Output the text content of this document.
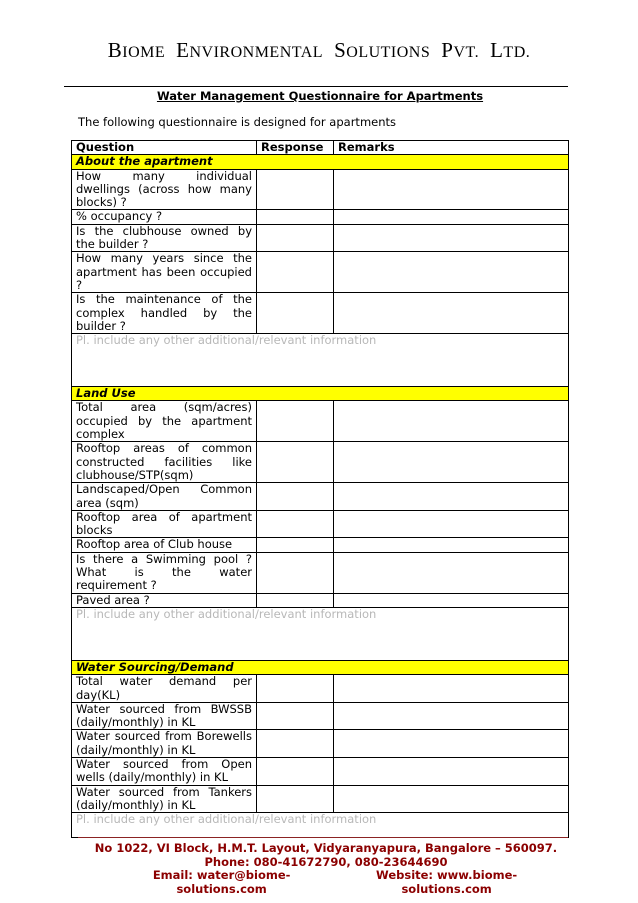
BIOME ENVIRONMENTAL SOLUTIONS PVT. LTD.
Water Management Questionnaire for Apartments
The following questionnaire is designed for apartments
Question	Response	Remarks
About the apartment		
How many individual dwellings (across how many blocks) ?		
% occupancy ?		
Is the clubhouse owned by the builder ?		
How many years since the apartment has been occupied ?		
Is the maintenance of the complex handled by the builder ?		
Pl. include any other additional/relevant information		
Land Use		
Total area (sqm/acres) occupied by the apartment complex		
Rooftop areas of common constructed facilities like clubhouse/STP(sqm)		
Landscaped/Open Common area (sqm)		
Rooftop area of apartment blocks		
Rooftop area of Club house		
Is there a Swimming pool ? What is the water requirement ?		
Paved area ?		
Pl. include any other additional/relevant information		
Water Sourcing/Demand		
Total water demand per day(KL)		
Water sourced from BWSSB (daily/monthly) in KL		
Water sourced from Borewells (daily/monthly) in KL		
Water sourced from Open wells (daily/monthly) in KL		
Water sourced from Tankers (daily/monthly) in KL		
Pl. include any other additional/relevant information		
No 1022, VI Block, H.M.T. Layout, Vidyaranyapura, Bangalore – 560097.
Phone: 080-41672790, 080-23644690
Email: water@biome-solutions.com
Website: www.biome-solutions.com
